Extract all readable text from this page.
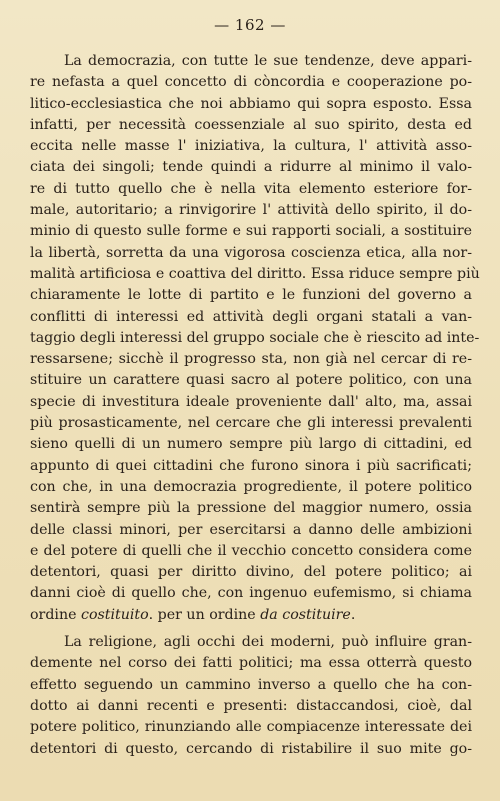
— 162 —

La democrazia, con tutte le sue tendenze, deve appari-
re nefasta a quel concetto di còncordia e cooperazione po-
litico-ecclesiastica che noi abbiamo qui sopra esposto. Essa
infatti, per necessità coessenziale al suo spirito, desta ed
eccita nelle masse l' iniziativa, la cultura, l' attività asso-
ciata dei singoli; tende quindi a ridurre al minimo il valo-
re di tutto quello che è nella vita elemento esteriore for-
male, autoritario; a rinvigorire l' attività dello spirito, il do-
minio di questo sulle forme e sui rapporti sociali, a sostituire
la libertà, sorretta da una vigorosa coscienza etica, alla nor-
malità artificiosa e coattiva del diritto. Essa riduce sempre più
chiaramente le lotte di partito e le funzioni del governo a
conflitti di interessi ed attività degli organi statali a van-
taggio degli interessi del gruppo sociale che è riescito ad inte-
ressarsene; sicchè il progresso sta, non già nel cercar di re-
stituire un carattere quasi sacro al potere politico, con una
specie di investitura ideale proveniente dall' alto, ma, assai
più prosasticamente, nel cercare che gli interessi prevalenti
sieno quelli di un numero sempre più largo di cittadini, ed
appunto di quei cittadini che furono sinora i più sacrificati;
con che, in una democrazia progrediente, il potere politico
sentirà sempre più la pressione del maggior numero, ossia
delle classi minori, per esercitarsi a danno delle ambizioni
e del potere di quelli che il vecchio concetto considera come
detentori, quasi per diritto divino, del potere politico; ai
danni cioè di quello che, con ingenuo eufemismo, si chiama
ordine costituito. per un ordine da costituire.

La religione, agli occhi dei moderni, può influire gran-
demente nel corso dei fatti politici; ma essa otterrà questo
effetto seguendo un cammino inverso a quello che ha con-
dotto ai danni recenti e presenti: distaccandosi, cioè, dal
potere politico, rinunziando alle compiacenze interessate dei
detentori di questo, cercando di ristabilire il suo mite go-
